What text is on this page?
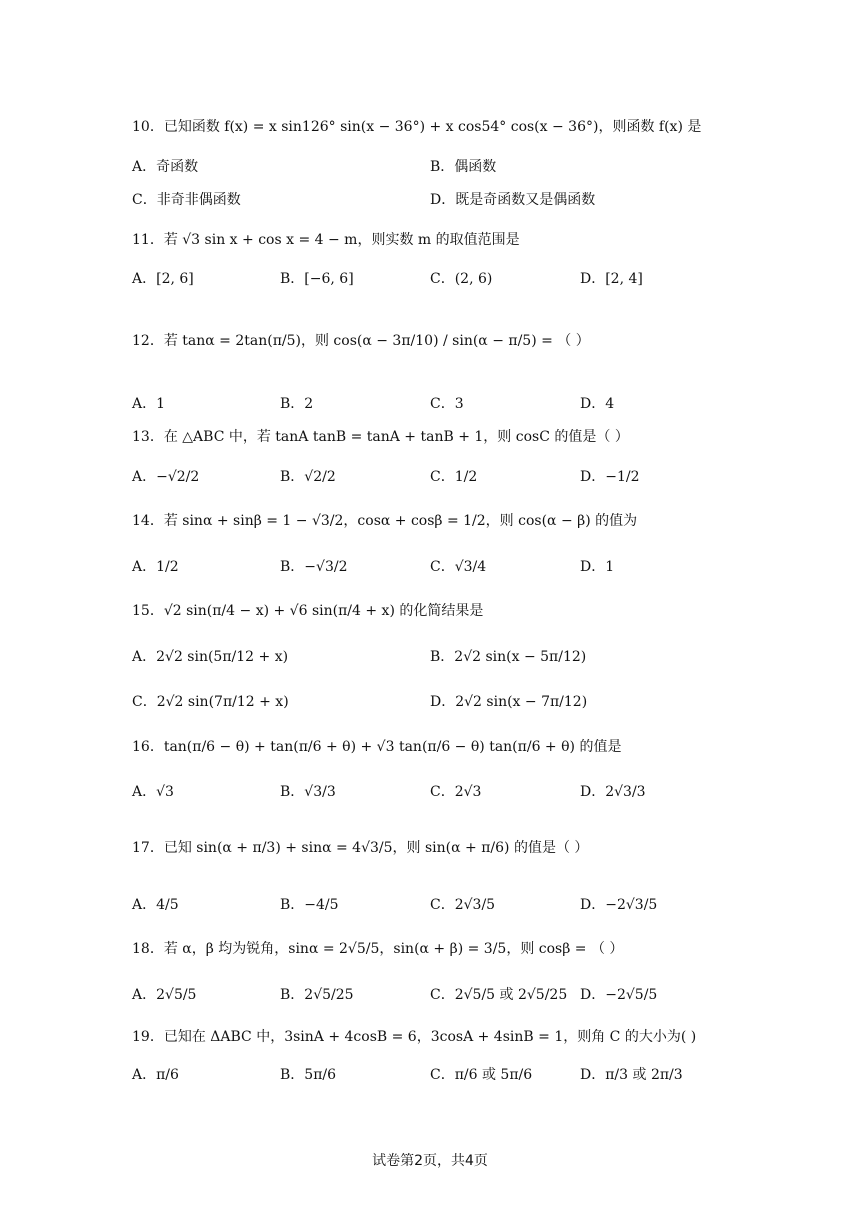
10．已知函数 f(x) = x sin126° sin(x − 36°) + x cos54° cos(x − 36°)，则函数 f(x) 是
A．奇函数	B．偶函数
C．非奇非偶函数	D．既是奇函数又是偶函数
11．若 √3 sin x + cos x = 4 − m，则实数 m 的取值范围是
A．[2, 6]	B．[−6, 6]	C．(2, 6)	D．[2, 4]
12．若 tanα = 2tan(π/5)，则 cos(α − 3π/10) / sin(α − π/5) = （ ）
A．1	B．2	C．3	D．4
13．在 △ABC 中，若 tanA tanB = tanA + tanB + 1，则 cosC 的值是（ ）
A．−√2/2	B．√2/2	C．1/2	D．−1/2
14．若 sinα + sinβ = 1 − √3/2，cosα + cosβ = 1/2，则 cos(α − β) 的值为
A．1/2	B．−√3/2	C．√3/4	D．1
15．√2 sin(π/4 − x) + √6 sin(π/4 + x) 的化简结果是
A．2√2 sin(5π/12 + x)	B．2√2 sin(x − 5π/12)
C．2√2 sin(7π/12 + x)	D．2√2 sin(x − 7π/12)
16．tan(π/6 − θ) + tan(π/6 + θ) + √3 tan(π/6 − θ) tan(π/6 + θ) 的值是
A．√3	B．√3/3	C．2√3	D．2√3/3
17．已知 sin(α + π/3) + sinα = 4√3/5，则 sin(α + π/6) 的值是（ ）
A．4/5	B．−4/5	C．2√3/5	D．−2√3/5
18．若 α，β 均为锐角，sinα = 2√5/5，sin(α + β) = 3/5，则 cosβ = （ ）
A．2√5/5	B．2√5/25	C．2√5/5 或 2√5/25 D．−2√5/5
19．已知在 ΔABC 中，3sinA + 4cosB = 6，3cosA + 4sinB = 1，则角 C 的大小为( )
A．π/6	B．5π/6	C．π/6 或 5π/6	D．π/3 或 2π/3
试卷第2页，共4页
